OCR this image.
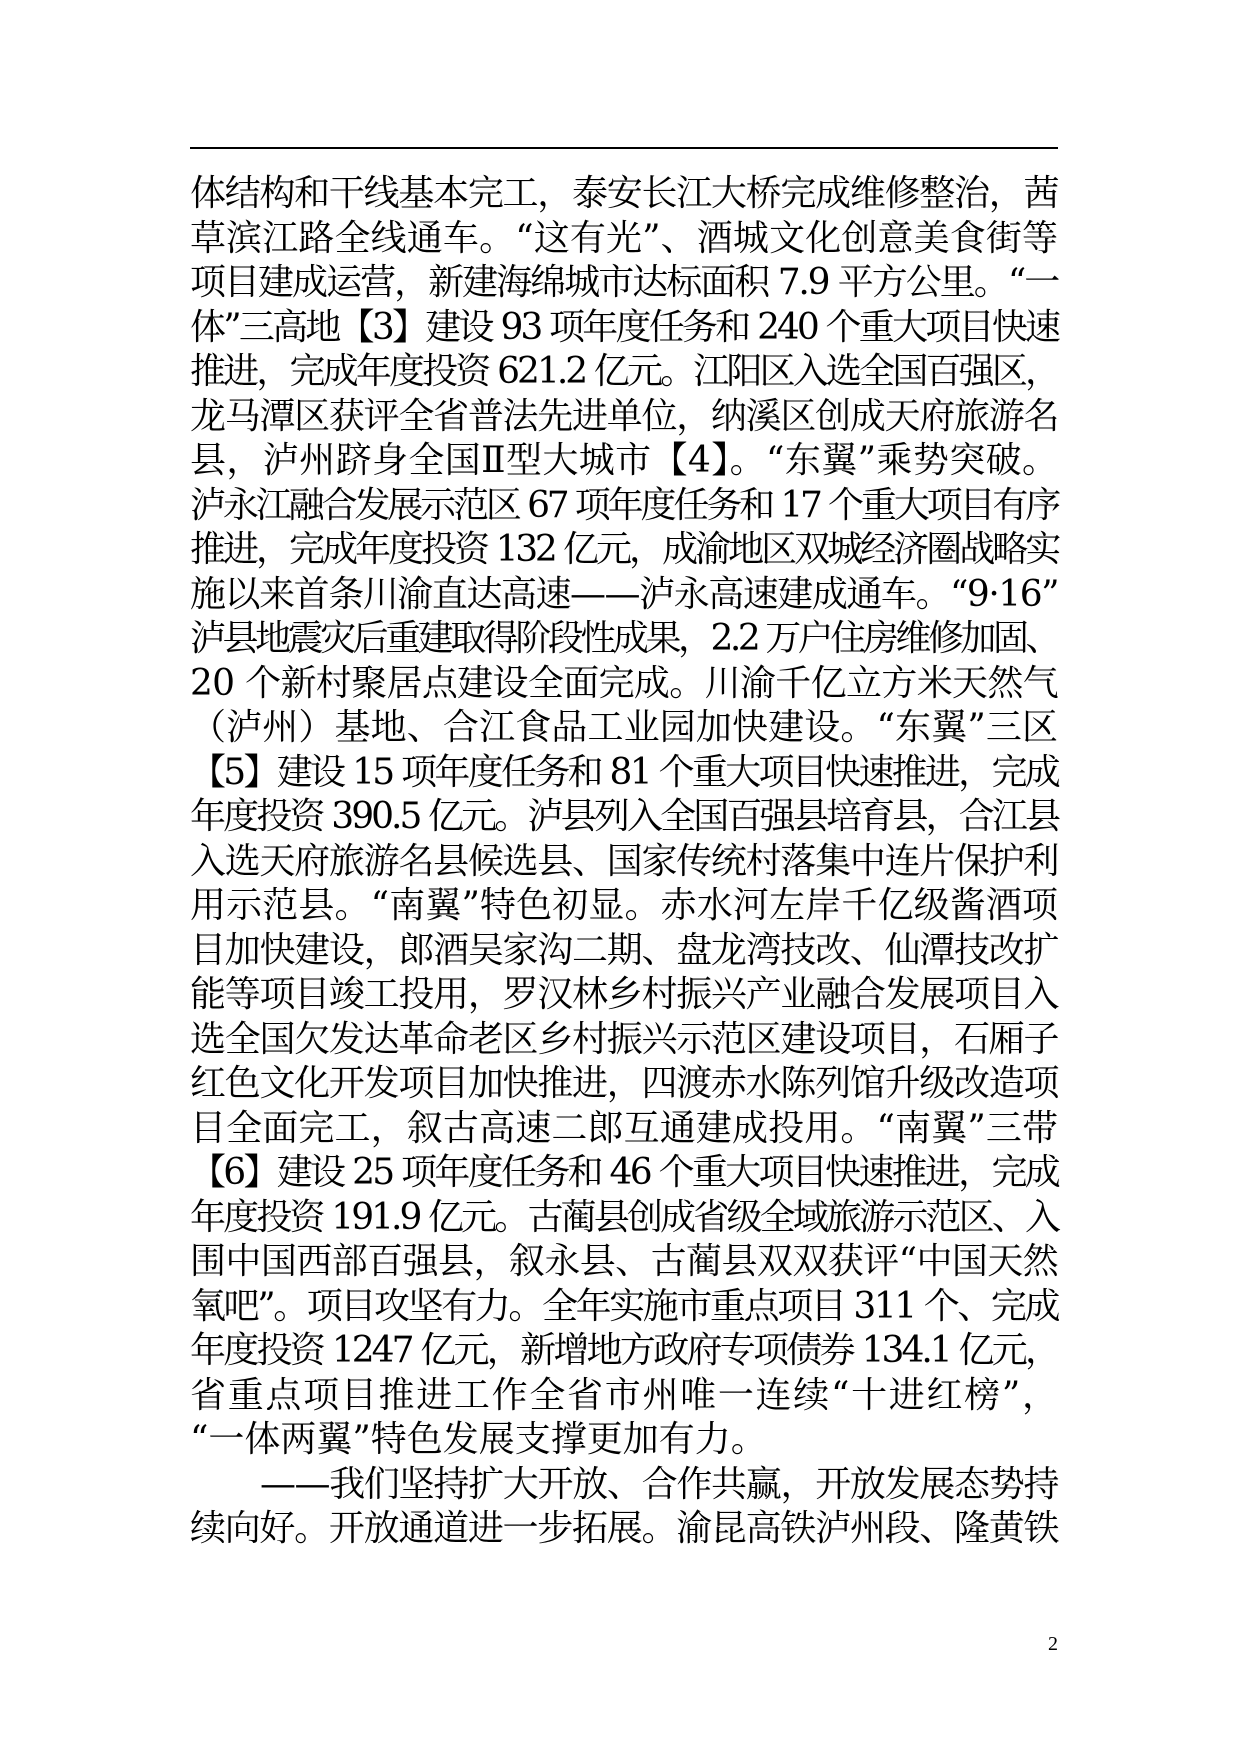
体结构和干线基本完工，泰安长江大桥完成维修整治，茜
草滨江路全线通车。“这有光”、酒城文化创意美食街等
项目建成运营，新建海绵城市达标面积 7.9 平方公里。“一
体”三高地【3】建设 93 项年度任务和 240 个重大项目快速
推进，完成年度投资 621.2 亿元。江阳区入选全国百强区，
龙马潭区获评全省普法先进单位，纳溪区创成天府旅游名
县，泸州跻身全国Ⅱ型大城市【4】。“东翼”乘势突破。
泸永江融合发展示范区 67 项年度任务和 17 个重大项目有序
推进，完成年度投资 132 亿元，成渝地区双城经济圈战略实
施以来首条川渝直达高速——泸永高速建成通车。“9·16”
泸县地震灾后重建取得阶段性成果，2.2 万户住房维修加固、
20 个新村聚居点建设全面完成。川渝千亿立方米天然气
（泸州）基地、合江食品工业园加快建设。“东翼”三区
【5】建设 15 项年度任务和 81 个重大项目快速推进，完成
年度投资 390.5 亿元。泸县列入全国百强县培育县，合江县
入选天府旅游名县候选县、国家传统村落集中连片保护利
用示范县。“南翼”特色初显。赤水河左岸千亿级酱酒项
目加快建设，郎酒吴家沟二期、盘龙湾技改、仙潭技改扩
能等项目竣工投用，罗汉林乡村振兴产业融合发展项目入
选全国欠发达革命老区乡村振兴示范区建设项目，石厢子
红色文化开发项目加快推进，四渡赤水陈列馆升级改造项
目全面完工，叙古高速二郎互通建成投用。“南翼”三带
【6】建设 25 项年度任务和 46 个重大项目快速推进，完成
年度投资 191.9 亿元。古蔺县创成省级全域旅游示范区、入
围中国西部百强县，叙永县、古蔺县双双获评“中国天然
氧吧”。项目攻坚有力。全年实施市重点项目 311 个、完成
年度投资 1247 亿元，新增地方政府专项债券 134.1 亿元，
省重点项目推进工作全省市州唯一连续“十进红榜”，
“一体两翼”特色发展支撑更加有力。
——我们坚持扩大开放、合作共赢，开放发展态势持
续向好。开放通道进一步拓展。渝昆高铁泸州段、隆黄铁
2
